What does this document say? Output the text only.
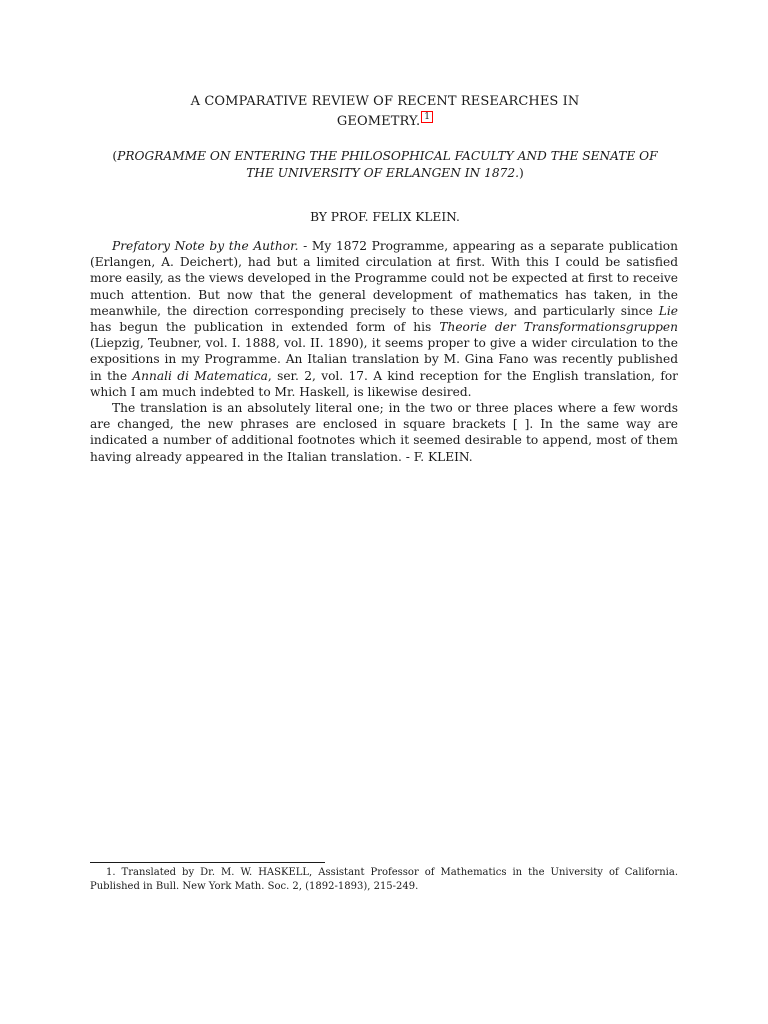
A COMPARATIVE REVIEW OF RECENT RESEARCHES IN
GEOMETRY. 1
(PROGRAMME ON ENTERING THE PHILOSOPHICAL FACULTY AND THE SENATE OF
THE UNIVERSITY OF ERLANGEN IN 1872.)
BY PROF. FELIX KLEIN.

Prefatory Note by the Author. - My 1872 Programme, appearing as a separate publication (Erlangen, A. Deichert), had but a limited circulation at first. With this I could be satisfied more easily, as the views developed in the Programme could not be expected at first to receive much attention. But now that the general development of mathematics has taken, in the meanwhile, the direction corresponding precisely to these views, and particularly since Lie has begun the publication in extended form of his Theorie der Transformationsgruppen (Liepzig, Teubner, vol. I. 1888, vol. II. 1890), it seems proper to give a wider circulation to the expositions in my Programme. An Italian translation by M. Gina Fano was recently published in the Annali di Matematica, ser. 2, vol. 17. A kind reception for the English translation, for which I am much indebted to Mr. Haskell, is likewise desired.

The translation is an absolutely literal one; in the two or three places where a few words are changed, the new phrases are enclosed in square brackets [ ]. In the same way are indicated a number of additional footnotes which it seemed desirable to append, most of them having already appeared in the Italian translation. - F. KLEIN.

1. Translated by Dr. M. W. HASKELL, Assistant Professor of Mathematics in the University of California. Published in Bull. New York Math. Soc. 2, (1892-1893), 215-249.
